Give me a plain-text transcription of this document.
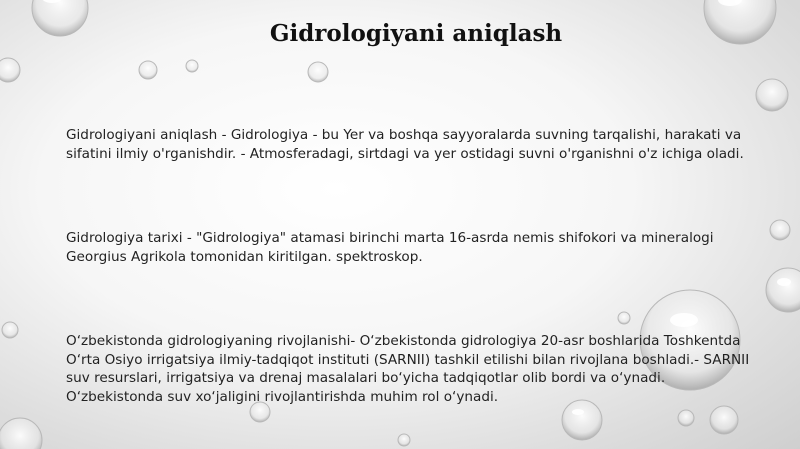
Gidrologiyani aniqlash

Gidrologiyani aniqlash - Gidrologiya - bu Yer va boshqa sayyoralarda suvning tarqalishi, harakati va sifatini ilmiy o'rganishdir. - Atmosferadagi, sirtdagi va yer ostidagi suvni o'rganishni o'z ichiga oladi.

Gidrologiya tarixi - "Gidrologiya" atamasi birinchi marta 16-asrda nemis shifokori va mineralogi Georgius Agrikola tomonidan kiritilgan. spektroskop.

O‘zbekistonda gidrologiyaning rivojlanishi- O‘zbekistonda gidrologiya 20-asr boshlarida Toshkentda O‘rta Osiyo irrigatsiya ilmiy-tadqiqot instituti (SARNII) tashkil etilishi bilan rivojlana boshladi.- SARNII suv resurslari, irrigatsiya va drenaj masalalari bo‘yicha tadqiqotlar olib bordi va o‘ynadi. O‘zbekistonda suv xo‘jaligini rivojlantirishda muhim rol o‘ynadi.
